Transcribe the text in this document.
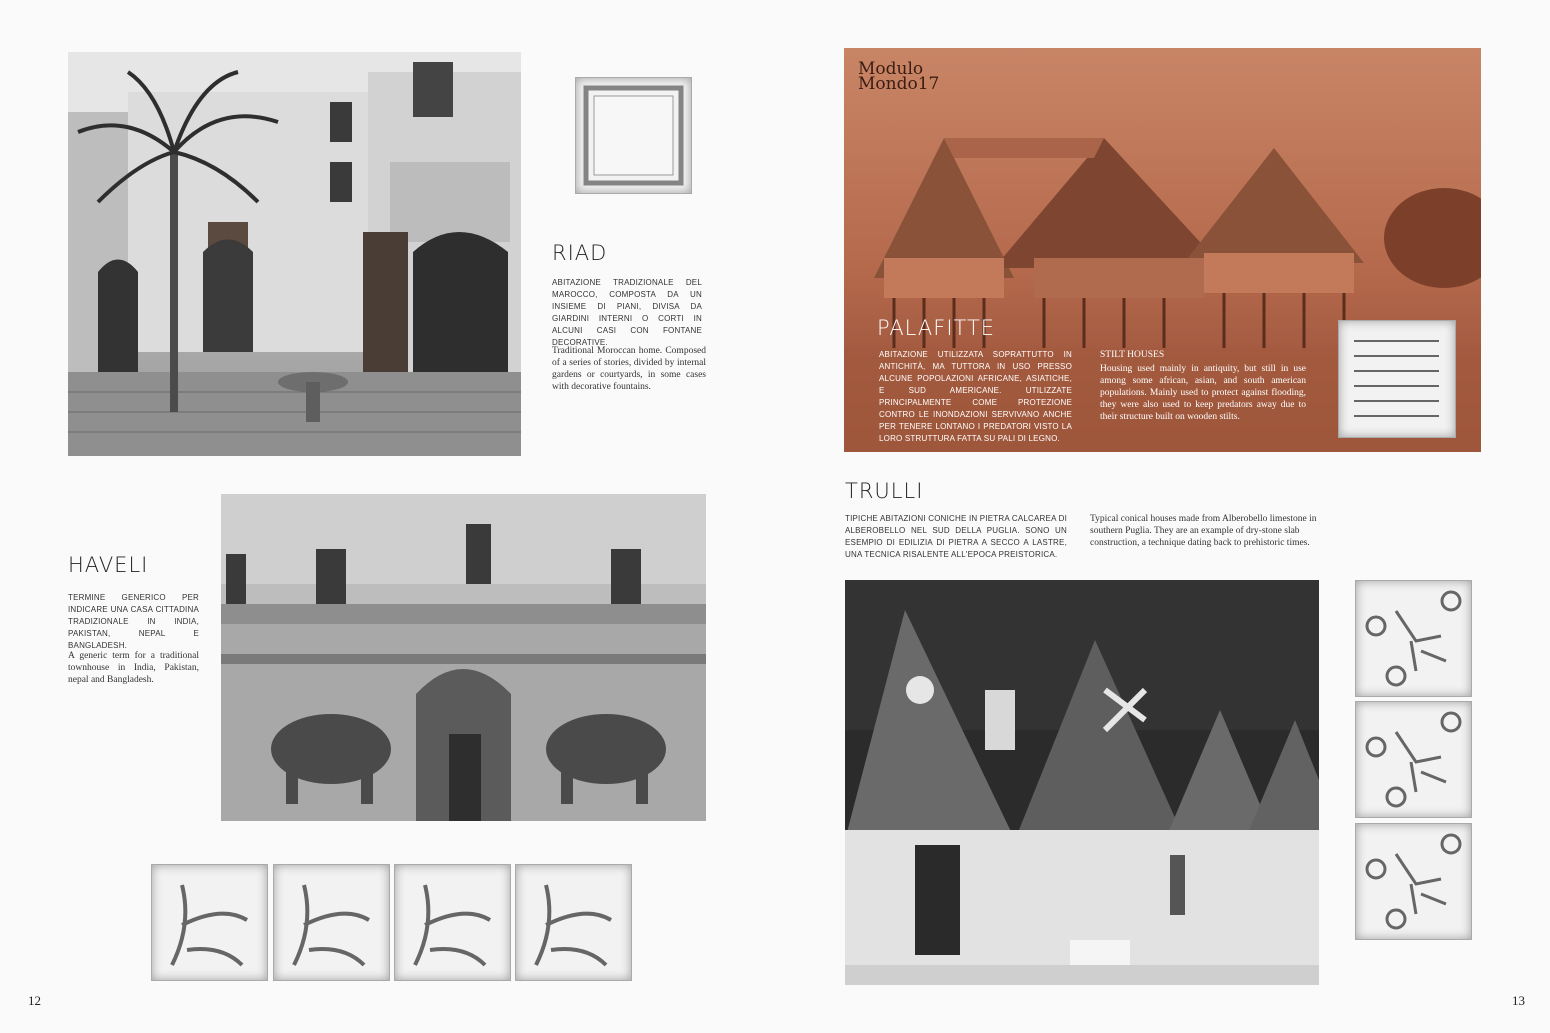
RIAD
ABITAZIONE TRADIZIONALE DEL MAROCCO, COMPOSTA DA UN INSIEME DI PIANI, DIVISA DA GIARDINI INTERNI O CORTI IN ALCUNI CASI CON FONTANE DECORATIVE.
Traditional Moroccan home. Composed of a series of stories, divided by internal gardens or courtyards, in some cases with decorative fountains.
HAVELI
TERMINE GENERICO PER INDICARE UNA CASA CITTADINA TRADIZIONALE IN INDIA, PAKISTAN, NEPAL E BANGLADESH.
A generic term for a traditional townhouse in India, Pakistan, nepal and Bangladesh.
12
Modulo Mondo17
PALAFITTE
ABITAZIONE UTILIZZATA SOPRATTUTTO IN ANTICHITÀ, MA TUTTORA IN USO PRESSO ALCUNE POPOLAZIONI AFRICANE, ASIATICHE, E SUD AMERICANE. UTILIZZATE PRINCIPALMENTE COME PROTEZIONE CONTRO LE INONDAZIONI SERVIVANO ANCHE PER TENERE LONTANO I PREDATORI VISTO LA LORO STRUTTURA FATTA SU PALI DI LEGNO.
STILT HOUSES
Housing used mainly in antiquity, but still in use among some african, asian, and south american populations. Mainly used to protect against flooding, they were also used to keep predators away due to their structure built on wooden stilts.
TRULLI
TIPICHE ABITAZIONI CONICHE IN PIETRA CALCAREA DI ALBEROBELLO NEL SUD DELLA PUGLIA. SONO UN ESEMPIO DI EDILIZIA DI PIETRA A SECCO A LASTRE, UNA TECNICA RISALENTE ALL'EPOCA PREISTORICA.
Typical conical houses made from Alberobello limestone in southern Puglia. They are an example of dry-stone slab construction, a technique dating back to prehistoric times.
13
